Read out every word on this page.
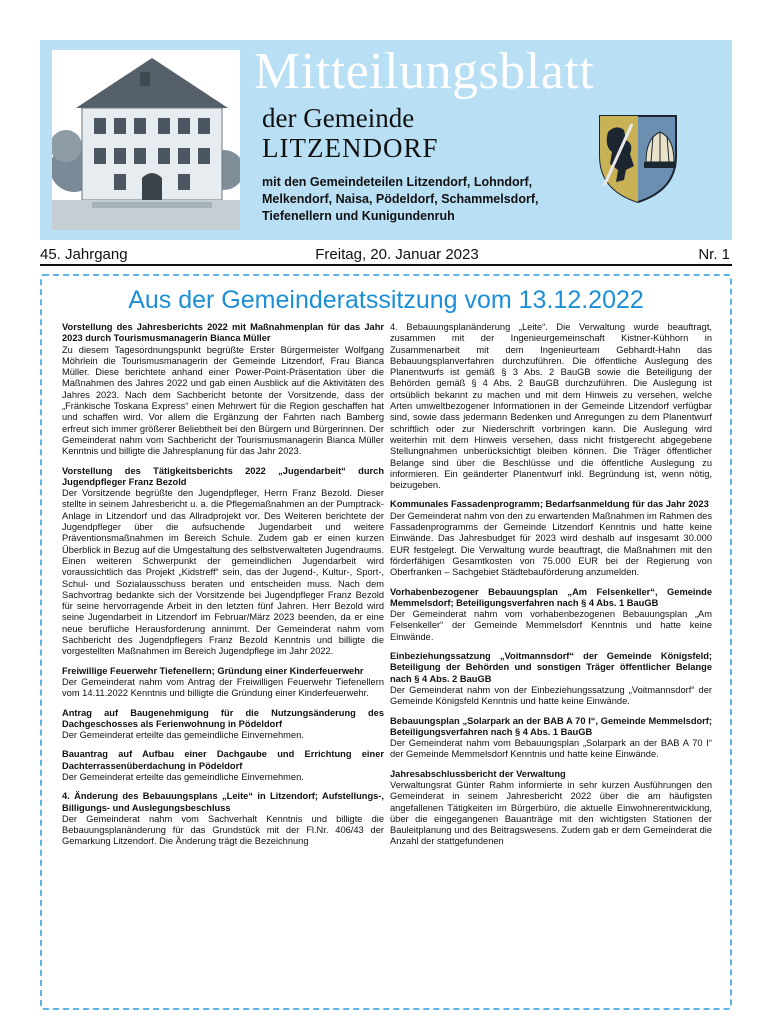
Mitteilungsblatt
der Gemeinde
LITZENDORF
mit den Gemeindeteilen Litzendorf, Lohndorf, Melkendorf, Naisa, Pödeldorf, Schammelsdorf, Tiefenellern und Kunigundenruh
45. Jahrgang	Freitag, 20. Januar 2023	Nr. 1
Aus der Gemeinderatssitzung vom 13.12.2022
Vorstellung des Jahresberichts 2022 mit Maßnahmenplan für das Jahr 2023 durch Tourismusmanagerin Bianca Müller
Zu diesem Tagesordnungspunkt begrüßte Erster Bürgermeister Wolfgang Möhrlein die Tourismusmanagerin der Gemeinde Litzendorf, Frau Bianca Müller. Diese berichtete anhand einer Power-Point-Präsentation über die Maßnahmen des Jahres 2022 und gab einen Ausblick auf die Aktivitäten des Jahres 2023. Nach dem Sachbericht betonte der Vorsitzende, dass der „Fränkische Toskana Express“ einen Mehrwert für die Region geschaffen hat und schaffen wird. Vor allem die Ergänzung der Fahrten nach Bamberg erfreut sich immer größerer Beliebtheit bei den Bürgern und Bürgerinnen. Der Gemeinderat nahm vom Sachbericht der Tourismusmanagerin Bianca Müller Kenntnis und billigte die Jahresplanung für das Jahr 2023.
Vorstellung des Tätigkeitsberichts 2022 „Jugendarbeit“ durch Jugendpfleger Franz Bezold
Der Vorsitzende begrüßte den Jugendpfleger, Herrn Franz Bezold. Dieser stellte in seinem Jahresbericht u. a. die Pflegemaßnahmen an der Pumptrack-Anlage in Litzendorf und das Allradprojekt vor. Des Weiteren berichtete der Jugendpfleger über die aufsuchende Jugendarbeit und weitere Präventionsmaßnahmen im Bereich Schule. Zudem gab er einen kurzen Überblick in Bezug auf die Umgestaltung des selbstverwalteten Jugendraums. Einen weiteren Schwerpunkt der gemeindlichen Jugendarbeit wird voraussichtlich das Projekt „Kidstreff“ sein, das der Jugend-, Kultur-, Sport-, Schul- und Sozialausschuss beraten und entscheiden muss. Nach dem Sachvortrag bedankte sich der Vorsitzende bei Jugendpfleger Franz Bezold für seine hervorragende Arbeit in den letzten fünf Jahren. Herr Bezold wird seine Jugendarbeit in Litzendorf im Februar/März 2023 beenden, da er eine neue berufliche Herausforderung annimmt. Der Gemeinderat nahm vom Sachbericht des Jugendpflegers Franz Bezold Kenntnis und billigte die vorgestellten Maßnahmen im Bereich Jugendpflege im Jahr 2022.
Freiwillige Feuerwehr Tiefenellern; Gründung einer Kinderfeuerwehr
Der Gemeinderat nahm vom Antrag der Freiwilligen Feuerwehr Tiefenellern vom 14.11.2022 Kenntnis und billigte die Gründung einer Kinderfeuerwehr.
Antrag auf Baugenehmigung für die Nutzungsänderung des Dachgeschosses als Ferienwohnung in Pödeldorf
Der Gemeinderat erteilte das gemeindliche Einvernehmen.
Bauantrag auf Aufbau einer Dachgaube und Errichtung einer Dachterrassenüberdachung in Pödeldorf
Der Gemeinderat erteilte das gemeindliche Einvernehmen.
4. Änderung des Bebauungsplans „Leite“ in Litzendorf; Aufstellungs-, Billigungs- und Auslegungsbeschluss
Der Gemeinderat nahm vom Sachverhalt Kenntnis und billigte die Bebauungsplanänderung für das Grundstück mit der Fl.Nr. 406/43 der Gemarkung Litzendorf. Die Änderung trägt die Bezeichnung
4. Bebauungsplanänderung „Leite“. Die Verwaltung wurde beauftragt, zusammen mit der Ingenieurgemeinschaft Kistner-Kühhorn in Zusammenarbeit mit dem Ingenieurteam Gebhardt-Hahn das Bebauungsplanverfahren durchzuführen. Die öffentliche Auslegung des Planentwurfs ist gemäß § 3 Abs. 2 BauGB sowie die Beteiligung der Behörden gemäß § 4 Abs. 2 BauGB durchzuführen. Die Auslegung ist ortsüblich bekannt zu machen und mit dem Hinweis zu versehen, welche Arten umweltbezogener Informationen in der Gemeinde Litzendorf verfügbar sind, sowie dass jedermann Bedenken und Anregungen zu dem Planentwurf schriftlich oder zur Niederschrift vorbringen kann. Die Auslegung wird weiterhin mit dem Hinweis versehen, dass nicht fristgerecht abgegebene Stellungnahmen unberücksichtigt bleiben können. Die Träger öffentlicher Belange sind über die Beschlüsse und die öffentliche Auslegung zu informieren. Ein geänderter Planentwurf inkl. Begründung ist, wenn nötig, beizugeben.
Kommunales Fassadenprogramm; Bedarfsanmeldung für das Jahr 2023
Der Gemeinderat nahm von den zu erwartenden Maßnahmen im Rahmen des Fassadenprogramms der Gemeinde Litzendorf Kenntnis und hatte keine Einwände. Das Jahresbudget für 2023 wird deshalb auf insgesamt 30.000 EUR festgelegt. Die Verwaltung wurde beauftragt, die Maßnahmen mit den förderfähigen Gesamtkosten von 75.000 EUR bei der Regierung von Oberfranken – Sachgebiet Städtebauförderung anzumelden.
Vorhabenbezogener Bebauungsplan „Am Felsenkeller“, Gemeinde Memmelsdorf; Beteiligungsverfahren nach § 4 Abs. 1 BauGB
Der Gemeinderat nahm vom vorhabenbezogenen Bebauungsplan „Am Felsenkeller“ der Gemeinde Memmelsdorf Kenntnis und hatte keine Einwände.
Einbeziehungssatzung „Voitmannsdorf“ der Gemeinde Königsfeld; Beteiligung der Behörden und sonstigen Träger öffentlicher Belange nach § 4 Abs. 2 BauGB
Der Gemeinderat nahm von der Einbeziehungssatzung „Voitmannsdorf“ der Gemeinde Königsfeld Kenntnis und hatte keine Einwände.
Bebauungsplan „Solarpark an der BAB A 70 I“, Gemeinde Memmelsdorf; Beteiligungsverfahren nach § 4 Abs. 1 BauGB
Der Gemeinderat nahm vom Bebauungsplan „Solarpark an der BAB A 70 I“ der Gemeinde Memmelsdorf Kenntnis und hatte keine Einwände.
Jahresabschlussbericht der Verwaltung
Verwaltungsrat Günter Rahm informierte in sehr kurzen Ausführungen den Gemeinderat in seinem Jahresbericht 2022 über die am häufigsten angefallenen Tätigkeiten im Bürgerbüro, die aktuelle Einwohnerentwicklung, über die eingegangenen Bauanträge mit den wichtigsten Stationen der Bauleitplanung und des Beitragswesens. Zudem gab er dem Gemeinderat die Anzahl der stattgefundenen
